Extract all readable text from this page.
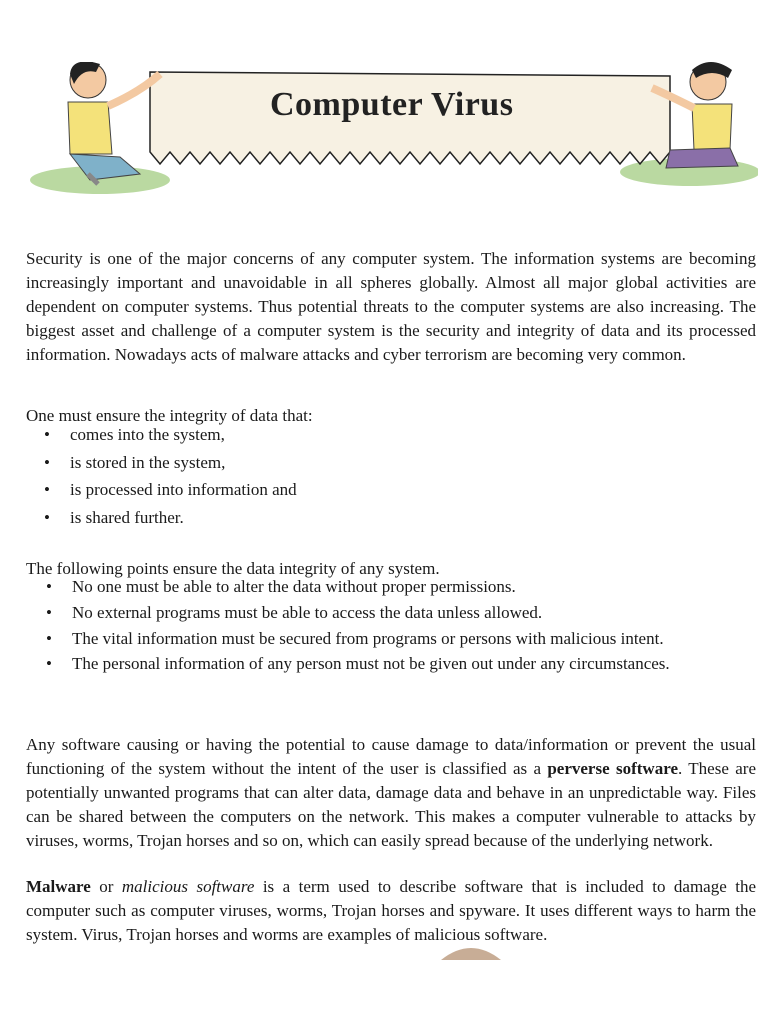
Computer Virus

Security is one of the major concerns of any computer system. The information systems are becoming increasingly important and unavoidable in all spheres globally. Almost all major global activities are dependent on computer systems. Thus potential threats to the computer systems are also increasing. The biggest asset and challenge of a computer system is the security and integrity of data and its processed information. Nowadays acts of malware attacks and cyber terrorism are becoming very common.

One must ensure the integrity of data that:

• comes into the system,
• is stored in the system,
• is processed into information and
• is shared further.

The following points ensure the data integrity of any system.

• No one must be able to alter the data without proper permissions.
• No external programs must be able to access the data unless allowed.
• The vital information must be secured from programs or persons with malicious intent.
• The personal information of any person must not be given out under any circumstances.

Any software causing or having the potential to cause damage to data/information or prevent the usual functioning of the system without the intent of the user is classified as a perverse software. These are potentially unwanted programs that can alter data, damage data and behave in an unpredictable way. Files can be shared between the computers on the network. This makes a computer vulnerable to attacks by viruses, worms, Trojan horses and so on, which can easily spread because of the underlying network.

Malware or malicious software is a term used to describe software that is included to damage the computer such as computer viruses, worms, Trojan horses and spyware. It uses different ways to harm the system. Virus, Trojan horses and worms are examples of malicious software.
